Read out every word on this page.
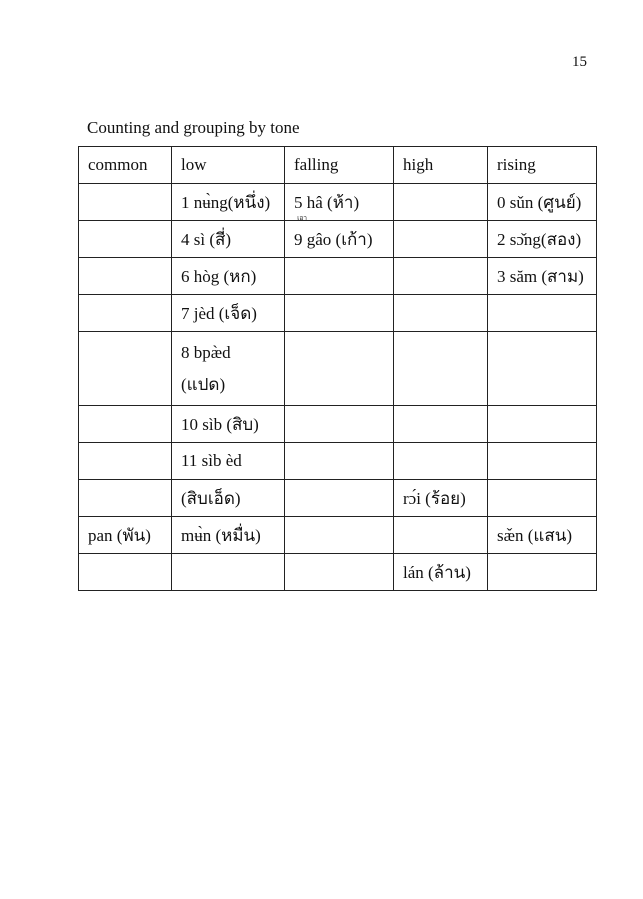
15
Counting and grouping by tone
common	low	falling	high	rising
	1 nʉ̀ng(หนึ่ง)	5 hâ (ห้า)$_{เอา}$		0 sǔn (ศูนย์)
	4 sì (สี่)	9 gâo (เก้า)		2 sɔ̌ng(สอง)
	6 hòg (หก)			3 săm (สาม)
	7 jèd (เจ็ด)			
	8 bpæ̀d (แปด)			
	10 sìb (สิบ)			
	11 sìb èd			
	(สิบเอ็ด)		rɔ́i (ร้อย)	
pan (พัน)	mʉ̀n (หมื่น)			sæ̌n (แสน)
			lán (ล้าน)	
